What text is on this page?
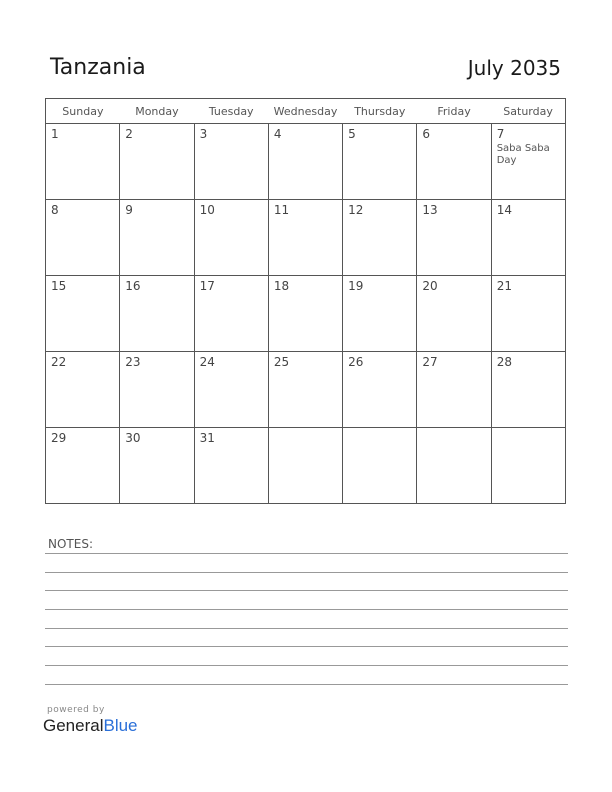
Tanzania	July 2035
Sunday	Monday	Tuesday	Wednesday	Thursday	Friday	Saturday

1	2	3	4	5	6	7
Saba Saba Day

8	9	10	11	12	13	14

15	16	17	18	19	20	21

22	23	24	25	26	27	28

29	30	31				

NOTES:
powered by
GeneralBlue
